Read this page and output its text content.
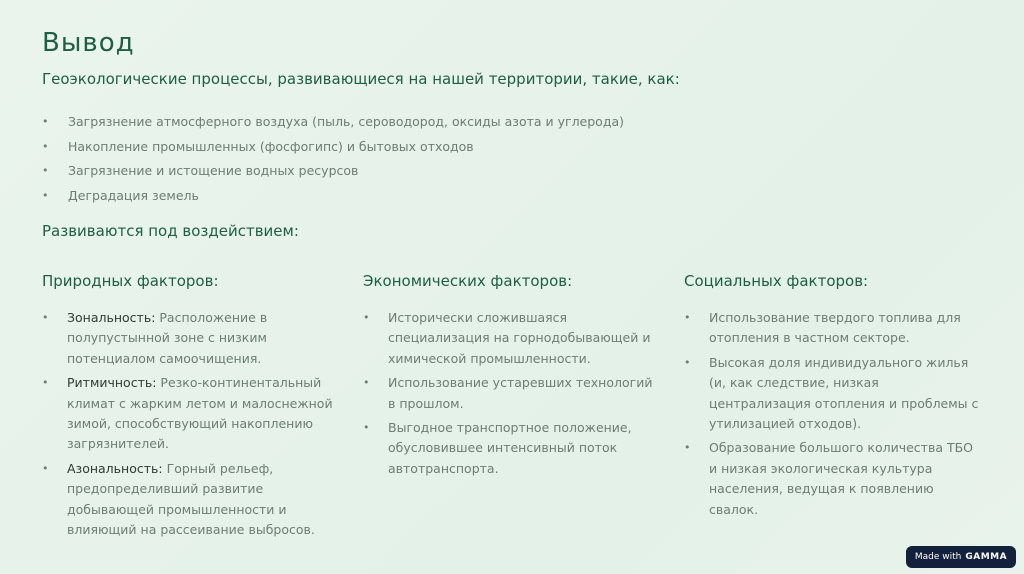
Вывод
Геоэкологические процессы, развивающиеся на нашей территории, такие, как:
• Загрязнение атмосферного воздуха (пыль, сероводород, оксиды азота и углерода)
• Накопление промышленных (фосфогипс) и бытовых отходов
• Загрязнение и истощение водных ресурсов
• Деградация земель
Развиваются под воздействием:
Природных факторов:
• Зональность: Расположение в полупустынной зоне с низким потенциалом самоочищения.
• Ритмичность: Резко-континентальный климат с жарким летом и малоснежной зимой, способствующий накоплению загрязнителей.
• Азональность: Горный рельеф, предопределивший развитие добывающей промышленности и влияющий на рассеивание выбросов.
Экономических факторов:
• Исторически сложившаяся специализация на горнодобывающей и химической промышленности.
• Использование устаревших технологий в прошлом.
• Выгодное транспортное положение, обусловившее интенсивный поток автотранспорта.
Социальных факторов:
• Использование твердого топлива для отопления в частном секторе.
• Высокая доля индивидуального жилья (и, как следствие, низкая централизация отопления и проблемы с утилизацией отходов).
• Образование большого количества ТБО и низкая экологическая культура населения, ведущая к появлению свалок.
Made with GAMMA
